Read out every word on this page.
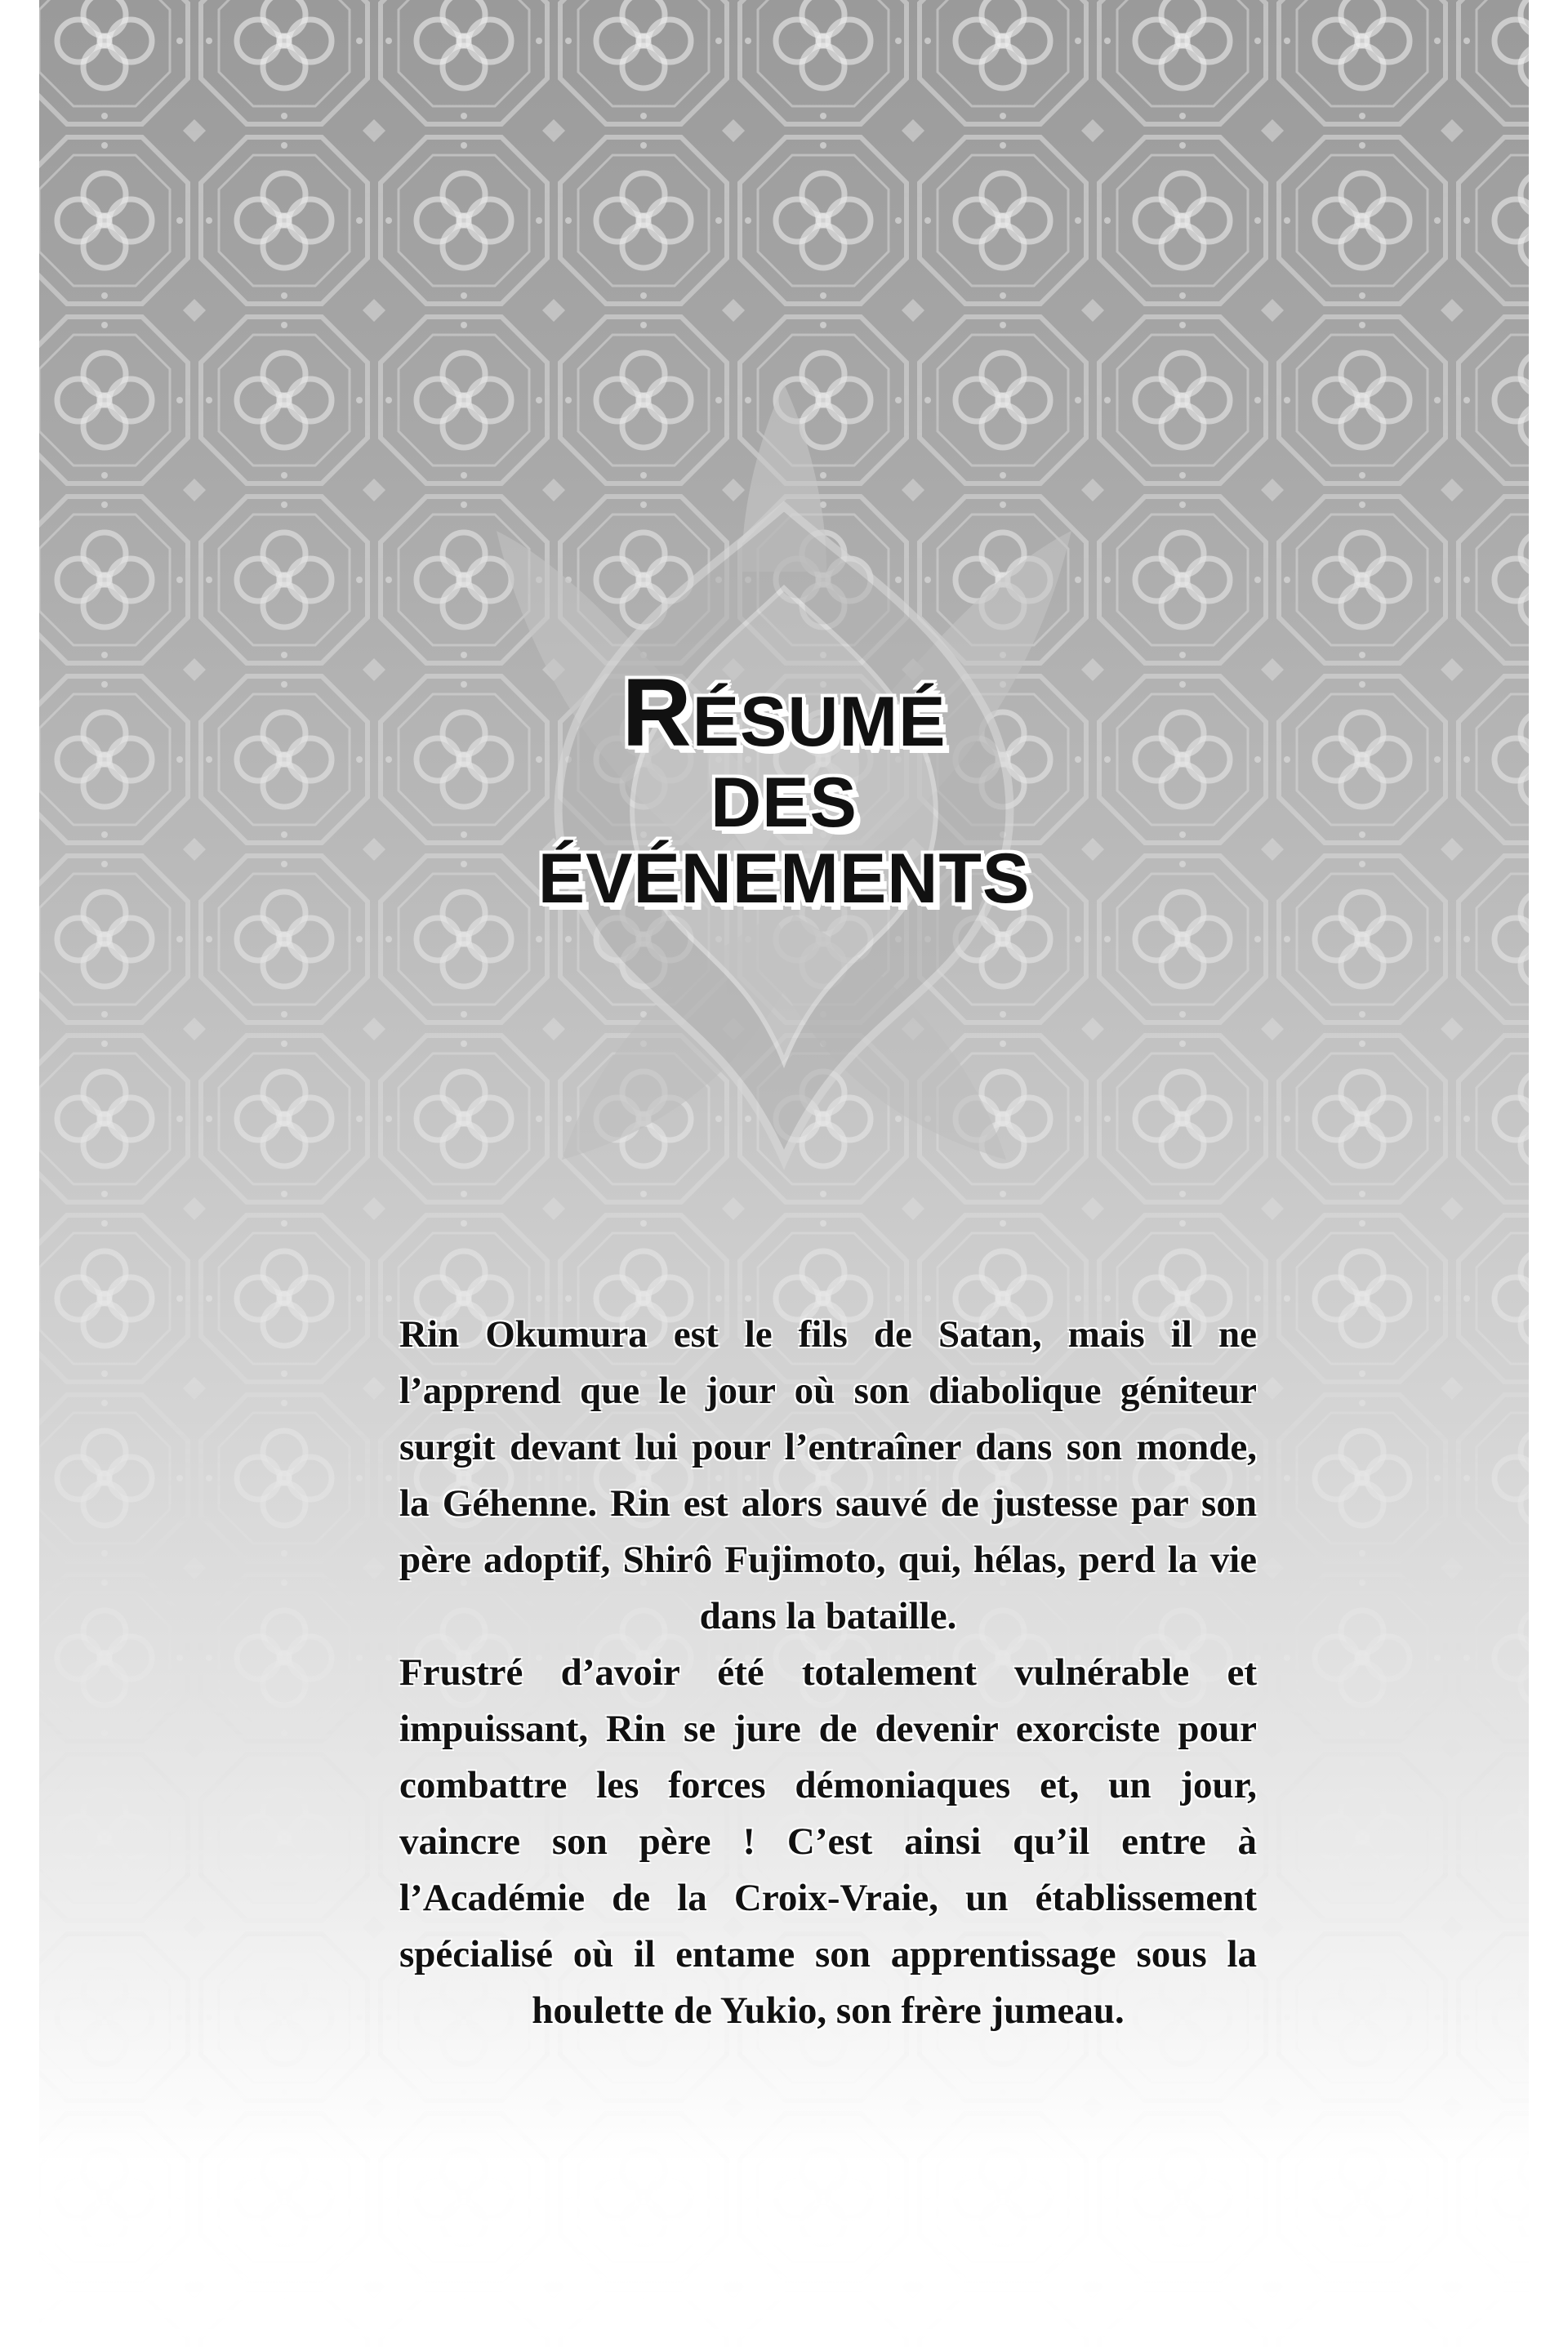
RÉSUMÉ
DES
ÉVÉNEMENTS

Rin Okumura est le fils de Satan, mais il ne l’apprend que le jour où son diabolique géniteur surgit devant lui pour l’entraîner dans son monde, la Géhenne. Rin est alors sauvé de justesse par son père adoptif, Shirô Fujimoto, qui, hélas, perd la vie dans la bataille.

Frustré d’avoir été totalement vulnérable et impuissant, Rin se jure de devenir exorciste pour combattre les forces démoniaques et, un jour, vaincre son père ! C’est ainsi qu’il entre à l’Académie de la Croix-Vraie, un établissement spécialisé où il entame son apprentissage sous la houlette de Yukio, son frère jumeau.
